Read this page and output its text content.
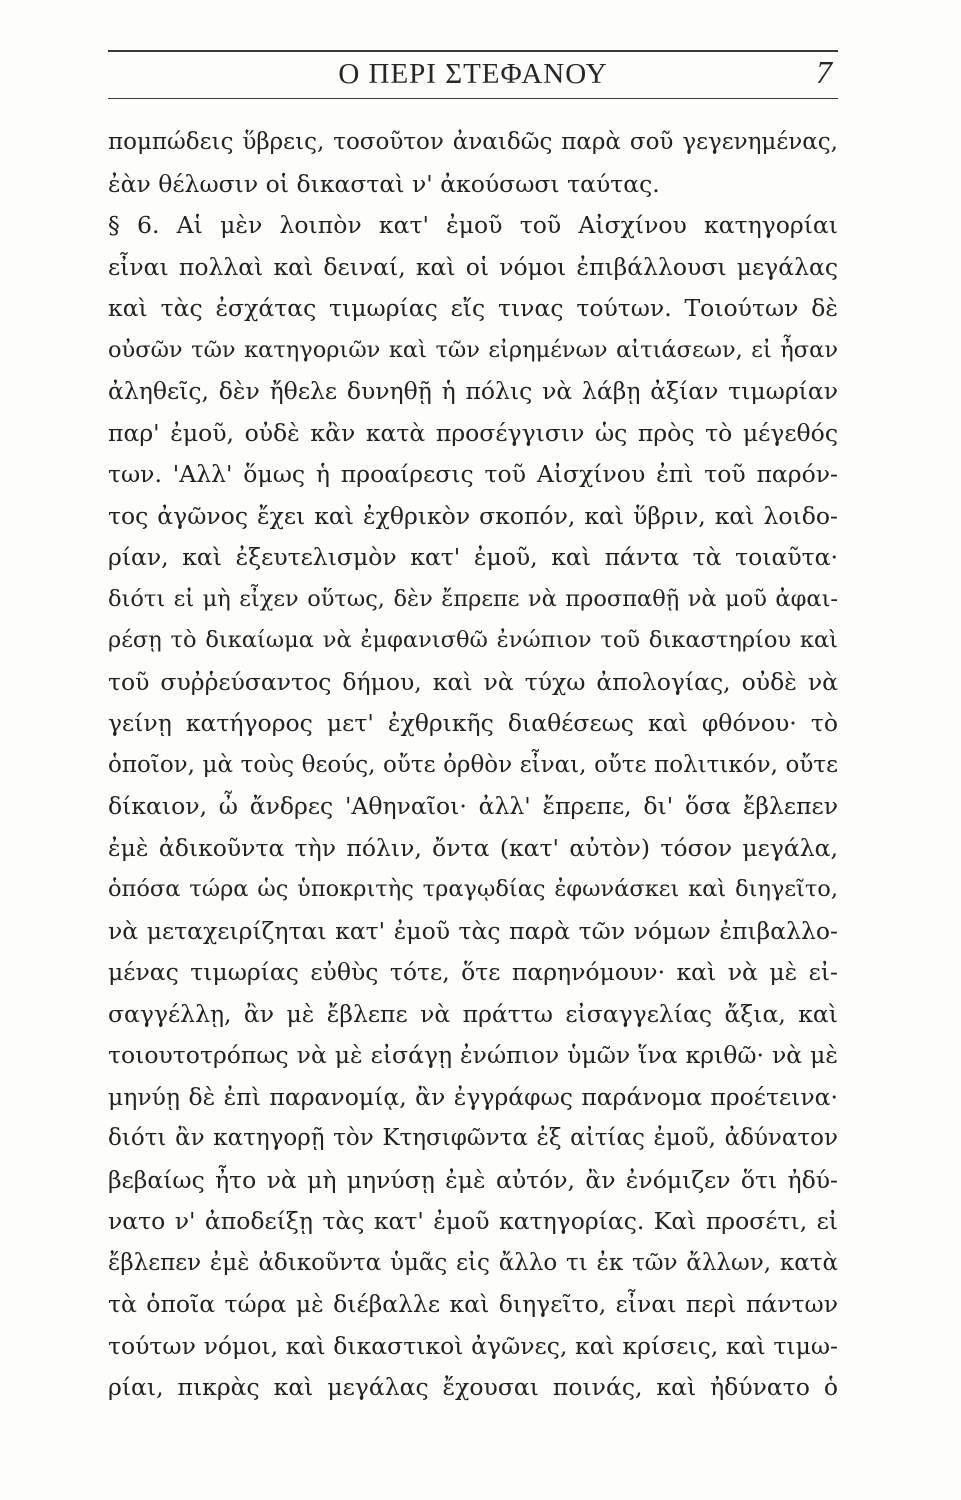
Ο ΠΕΡΙ ΣΤΕΦΑΝΟΥ	7
πομπώδεις ὕβρεις, τοσοῦτον ἀναιδῶς παρὰ σοῦ γεγενημένας,
ἐὰν θέλωσιν οἱ δικασταὶ ν' ἀκούσωσι ταύτας.
§ 6. Αἱ μὲν λοιπὸν κατ' ἐμοῦ τοῦ Αἰσχίνου κατηγορίαι
εἶναι πολλαὶ καὶ δειναί, καὶ οἱ νόμοι ἐπιβάλλουσι μεγάλας
καὶ τὰς ἐσχάτας τιμωρίας εἴς τινας τούτων. Τοιούτων δὲ
οὐσῶν τῶν κατηγοριῶν καὶ τῶν εἰρημένων αἰτιάσεων, εἰ ἦσαν
ἀληθεῖς, δὲν ἤθελε δυνηθῇ ἡ πόλις νὰ λάβῃ ἀξίαν τιμωρίαν
παρ' ἐμοῦ, οὐδὲ κἂν κατὰ προσέγγισιν ὡς πρὸς τὸ μέγεθός
των. 'Αλλ' ὅμως ἡ προαίρεσις τοῦ Αἰσχίνου ἐπὶ τοῦ παρόν-
τος ἀγῶνος ἔχει καὶ ἐχθρικὸν σκοπόν, καὶ ὕβριν, καὶ λοιδο-
ρίαν, καὶ ἐξευτελισμὸν κατ' ἐμοῦ, καὶ πάντα τὰ τοιαῦτα·
διότι εἰ μὴ εἶχεν οὕτως, δὲν ἔπρεπε νὰ προσπαθῇ νὰ μοῦ ἀφαι-
ρέσῃ τὸ δικαίωμα νὰ ἐμφανισθῶ ἐνώπιον τοῦ δικαστηρίου καὶ
τοῦ συῤῥεύσαντος δήμου, καὶ νὰ τύχω ἀπολογίας, οὐδὲ νὰ
γείνῃ κατήγορος μετ' ἐχθρικῆς διαθέσεως καὶ φθόνου· τὸ
ὁποῖον, μὰ τοὺς θεούς, οὔτε ὀρθὸν εἶναι, οὔτε πολιτικόν, οὔτε
δίκαιον, ὦ ἄνδρες 'Αθηναῖοι· ἀλλ' ἔπρεπε, δι' ὅσα ἔβλεπεν
ἐμὲ ἀδικοῦντα τὴν πόλιν, ὄντα (κατ' αὐτὸν) τόσον μεγάλα,
ὁπόσα τώρα ὡς ὑποκριτὴς τραγῳδίας ἐφωνάσκει καὶ διηγεῖτο,
νὰ μεταχειρίζηται κατ' ἐμοῦ τὰς παρὰ τῶν νόμων ἐπιβαλλο-
μένας τιμωρίας εὐθὺς τότε, ὅτε παρηνόμουν· καὶ νὰ μὲ εἰ-
σαγγέλλῃ, ἂν μὲ ἔβλεπε νὰ πράττω εἰσαγγελίας ἄξια, καὶ
τοιουτοτρόπως νὰ μὲ εἰσάγῃ ἐνώπιον ὑμῶν ἵνα κριθῶ· νὰ μὲ
μηνύῃ δὲ ἐπὶ παρανομίᾳ, ἂν ἐγγράφως παράνομα προέτεινα·
διότι ἂν κατηγορῇ τὸν Κτησιφῶντα ἐξ αἰτίας ἐμοῦ, ἀδύνατον
βεβαίως ἦτο νὰ μὴ μηνύσῃ ἐμὲ αὐτόν, ἂν ἐνόμιζεν ὅτι ἠδύ-
νατο ν' ἀποδείξῃ τὰς κατ' ἐμοῦ κατηγορίας. Καὶ προσέτι, εἰ
ἔβλεπεν ἐμὲ ἀδικοῦντα ὑμᾶς εἰς ἄλλο τι ἐκ τῶν ἄλλων, κατὰ
τὰ ὁποῖα τώρα μὲ διέβαλλε καὶ διηγεῖτο, εἶναι περὶ πάντων
τούτων νόμοι, καὶ δικαστικοὶ ἀγῶνες, καὶ κρίσεις, καὶ τιμω-
ρίαι, πικρὰς καὶ μεγάλας ἔχουσαι ποινάς, καὶ ἠδύνατο ὁ
